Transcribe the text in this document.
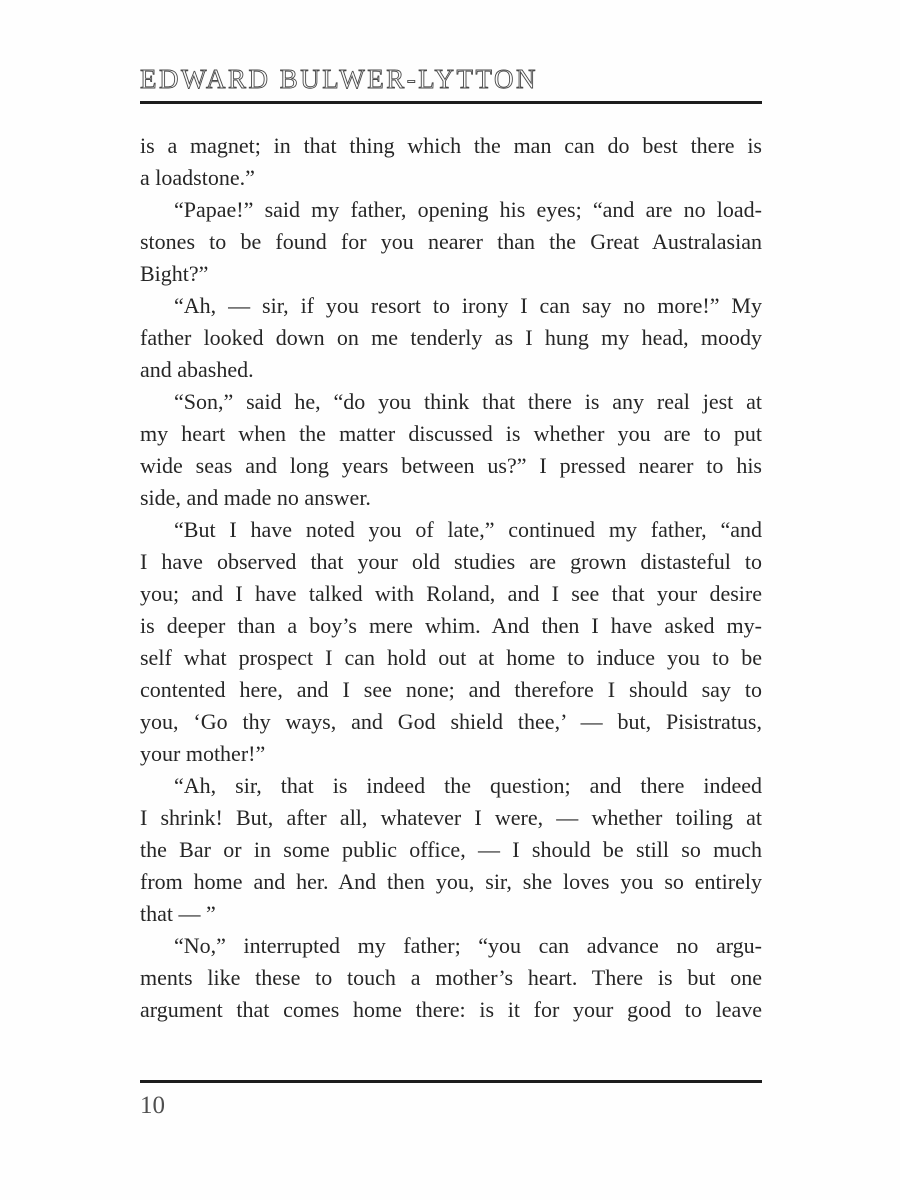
EDWARD BULWER-LYTTON
is a magnet; in that thing which the man can do best there is
a loadstone.”
“Papae!” said my father, opening his eyes; “and are no load-
stones to be found for you nearer than the Great Australasian
Bight?”
“Ah, — sir, if you resort to irony I can say no more!” My
father looked down on me tenderly as I hung my head, moody
and abashed.
“Son,” said he, “do you think that there is any real jest at
my heart when the matter discussed is whether you are to put
wide seas and long years between us?” I pressed nearer to his
side, and made no answer.
“But I have noted you of late,” continued my father, “and
I have observed that your old studies are grown distasteful to
you; and I have talked with Roland, and I see that your desire
is deeper than a boy’s mere whim. And then I have asked my-
self what prospect I can hold out at home to induce you to be
contented here, and I see none; and therefore I should say to
you, ‘Go thy ways, and God shield thee,’ — but, Pisistratus,
your mother!”
“Ah, sir, that is indeed the question; and there indeed
I shrink! But, after all, whatever I were, — whether toiling at
the Bar or in some public office, — I should be still so much
from home and her. And then you, sir, she loves you so entirely
that — ”
“No,” interrupted my father; “you can advance no argu-
ments like these to touch a mother’s heart. There is but one
argument that comes home there: is it for your good to leave
10
